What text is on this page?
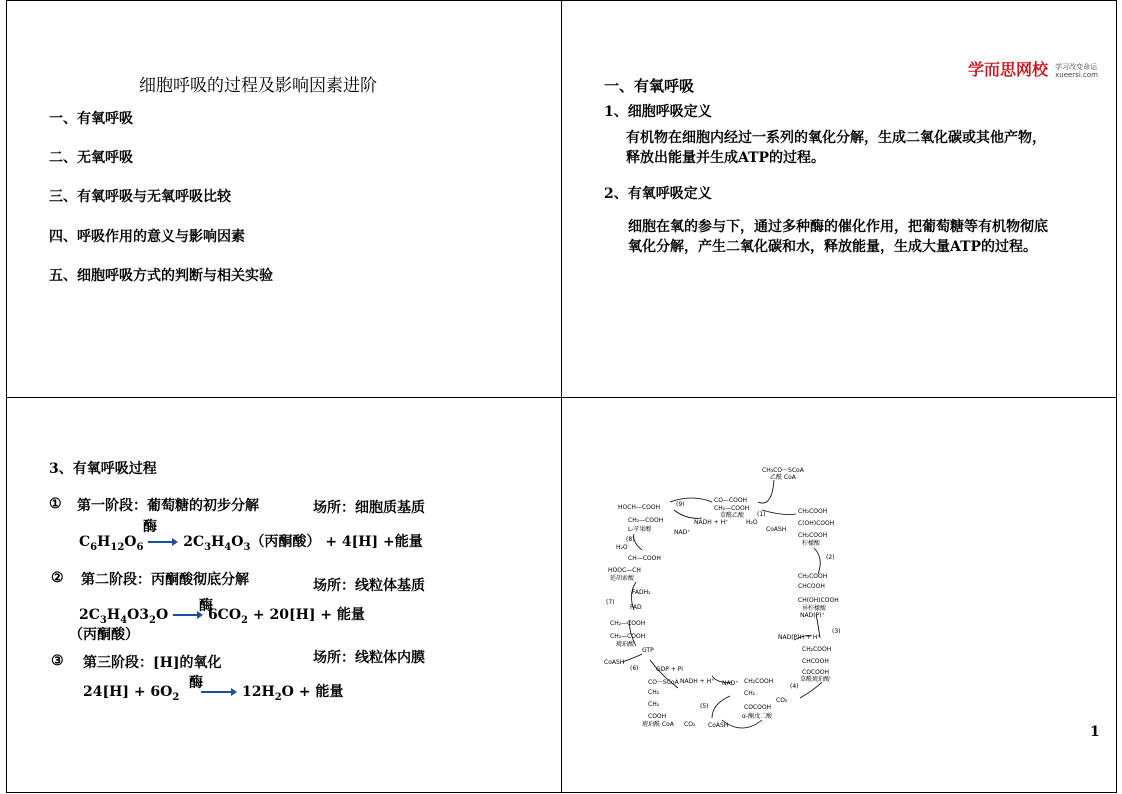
细胞呼吸的过程及影响因素进阶
一、有氧呼吸
二、无氧呼吸
三、有氧呼吸与无氧呼吸比较
四、呼吸作用的意义与影响因素
五、细胞呼吸方式的判断与相关实验
学而思网校 学习改变命运
xueersi.com
一、有氧呼吸
1、细胞呼吸定义
有机物在细胞内经过一系列的氧化分解，生成二氧化碳或其他产物，释放出能量并生成ATP的过程。
2、有氧呼吸定义
细胞在氧的参与下，通过多种酶的催化作用，把葡萄糖等有机物彻底氧化分解，产生二氧化碳和水，释放能量，生成大量ATP的过程。
3、有氧呼吸过程
① 第一阶段：葡萄糖的初步分解	场所：细胞质基质
酶
$C_6H_{12}O_6$	$2C_3H_4O_3$（丙酮酸） + 4[H] +能量
② 第二阶段：丙酮酸彻底分解	场所：线粒体基质
酶
$2C_3H_4O3_2O$	$6CO_2 + 20[H]$ + 能量
（丙酮酸）
③ 第三阶段：[H]的氧化	场所：线粒体内膜
酶
$24[H] + 6O_2$	$12H_2O$ + 能量
CH₃CO～SCoA
乙酰 CoA
CO—COOH
CH₂—COOH
草酰乙酸
HOCH—COOH
CH₂—COOH
L-苹果酸
NADH + H⁺
NAD⁺
H₂O
CoASH
CH₂COOH
C(OH)COOH
CH₂COOH
柠檬酸
H₂O
CH—COOH
HOOC—CH
延胡索酸	CH₂COOH
CHCOOH
CH(OH)COOH
异柠檬酸
FADH₂
FAD
CH₂—COOH
CH₂—COOH
琥珀酸
NAD(P)⁺
NAD(P)H + H⁺
CH₂COOH
CHCOOH
COCOOH
草酰琥珀酸
GTP
CoASH
GDP + Pi
CO～SCoA
CH₂
CH₂
COOH
琥珀酰 CoA
NADH + H⁺ NAD⁺ CH₂COOH
CH₂
COCOOH
α-酮戊二酸
CO₂
CO₂ CoASH
(1)
(2)
(3)
(4)
(5)
(6)
(7)
(8)
(9)
1
